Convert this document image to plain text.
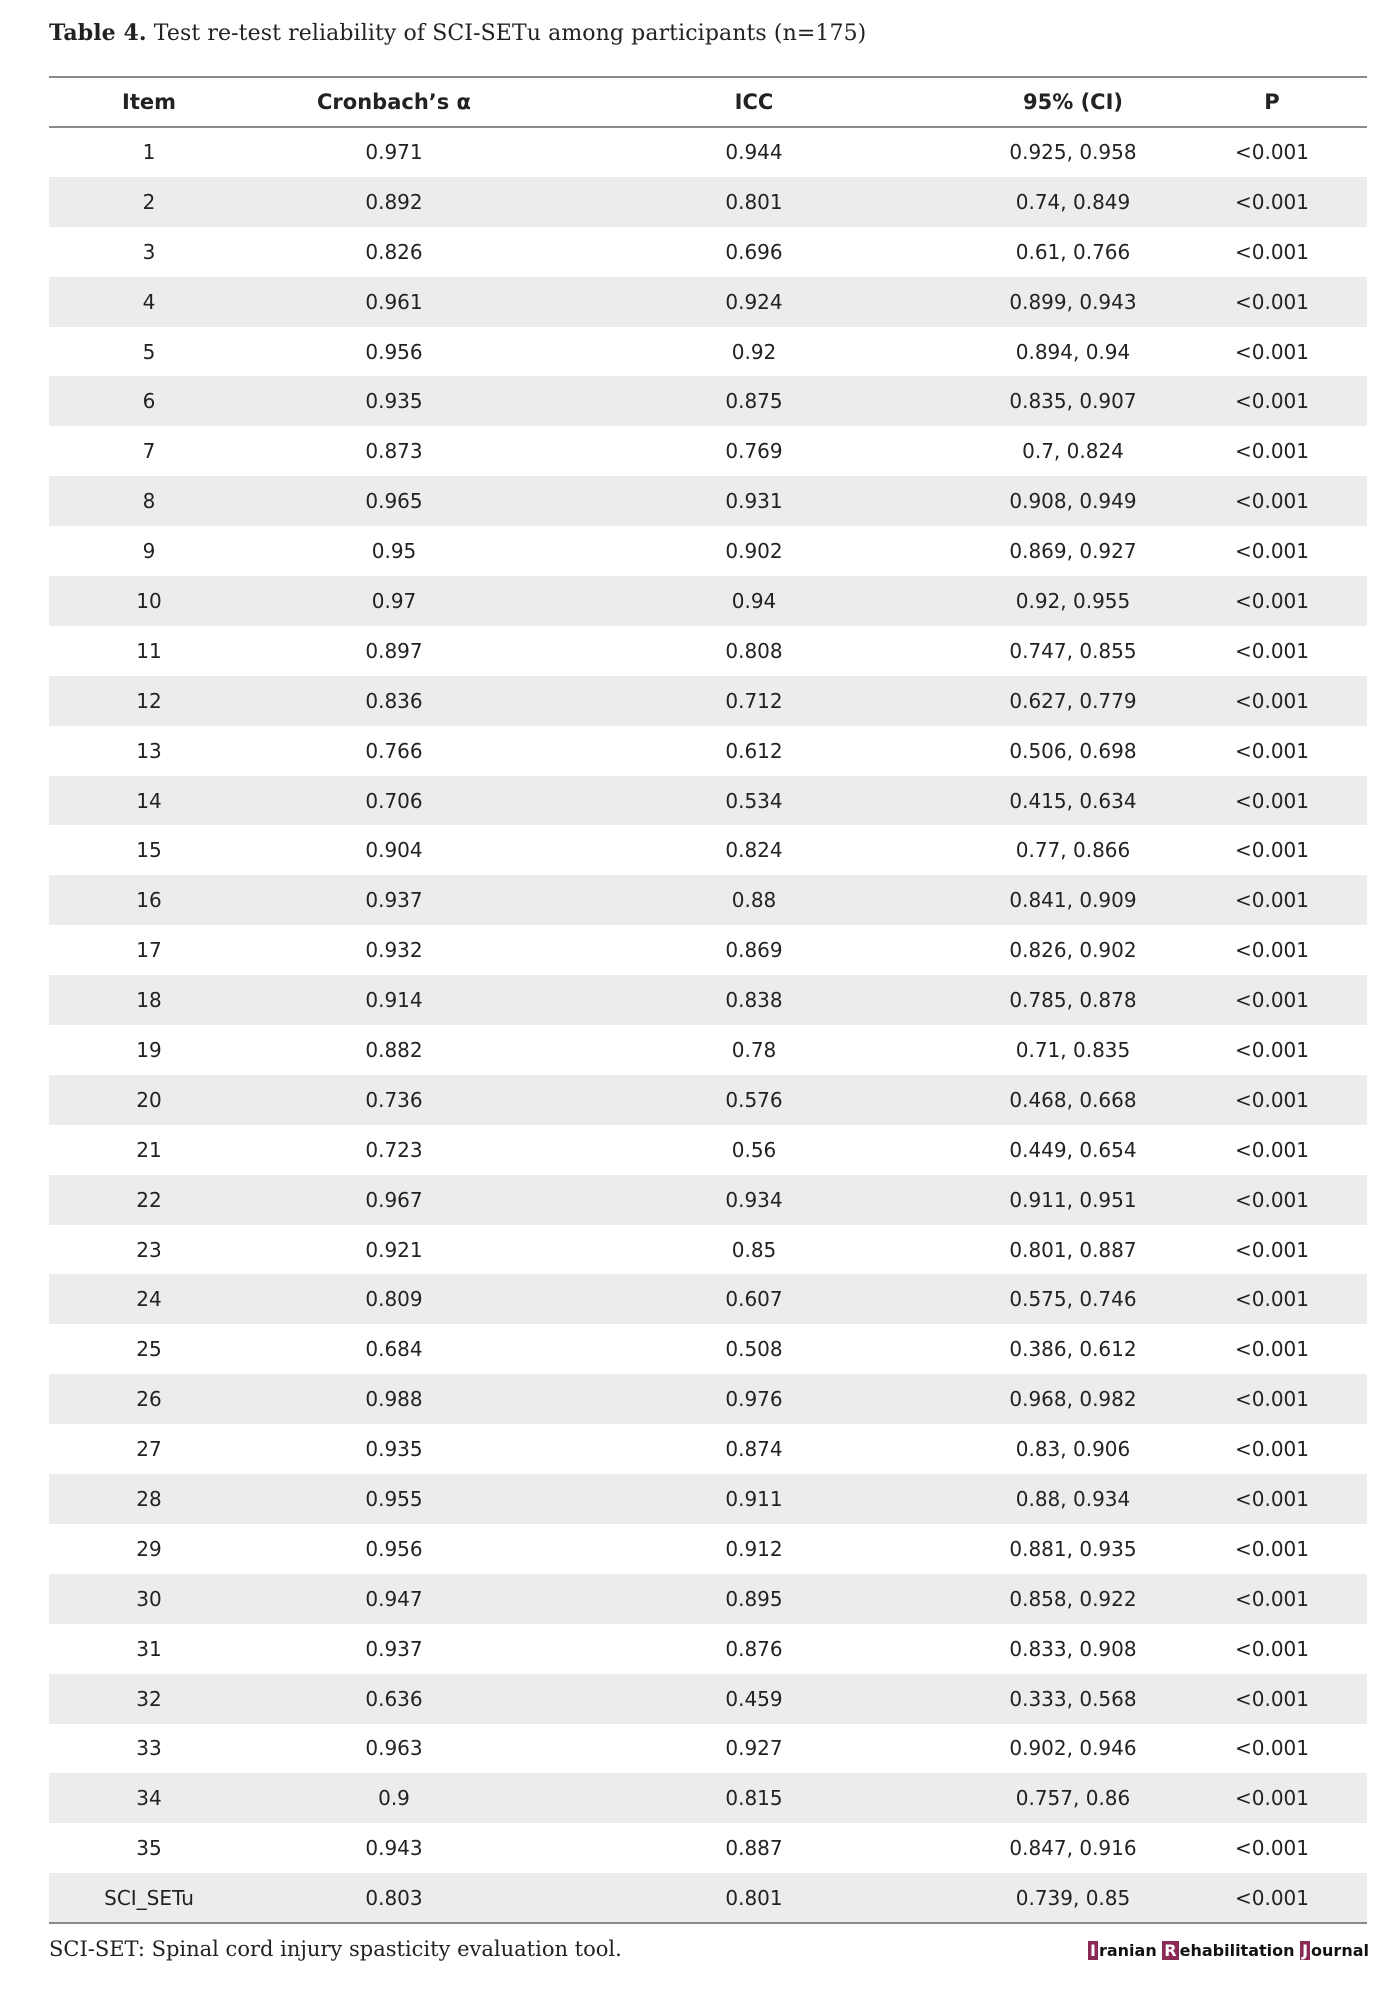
Table 4. Test re-test reliability of SCI-SETu among participants (n=175)
Item	Cronbach’s α	ICC	95% (CI)	P
1	0.971	0.944	0.925, 0.958	<0.001
2	0.892	0.801	0.74, 0.849	<0.001
3	0.826	0.696	0.61, 0.766	<0.001
4	0.961	0.924	0.899, 0.943	<0.001
5	0.956	0.92	0.894, 0.94	<0.001
6	0.935	0.875	0.835, 0.907	<0.001
7	0.873	0.769	0.7, 0.824	<0.001
8	0.965	0.931	0.908, 0.949	<0.001
9	0.95	0.902	0.869, 0.927	<0.001
10	0.97	0.94	0.92, 0.955	<0.001
11	0.897	0.808	0.747, 0.855	<0.001
12	0.836	0.712	0.627, 0.779	<0.001
13	0.766	0.612	0.506, 0.698	<0.001
14	0.706	0.534	0.415, 0.634	<0.001
15	0.904	0.824	0.77, 0.866	<0.001
16	0.937	0.88	0.841, 0.909	<0.001
17	0.932	0.869	0.826, 0.902	<0.001
18	0.914	0.838	0.785, 0.878	<0.001
19	0.882	0.78	0.71, 0.835	<0.001
20	0.736	0.576	0.468, 0.668	<0.001
21	0.723	0.56	0.449, 0.654	<0.001
22	0.967	0.934	0.911, 0.951	<0.001
23	0.921	0.85	0.801, 0.887	<0.001
24	0.809	0.607	0.575, 0.746	<0.001
25	0.684	0.508	0.386, 0.612	<0.001
26	0.988	0.976	0.968, 0.982	<0.001
27	0.935	0.874	0.83, 0.906	<0.001
28	0.955	0.911	0.88, 0.934	<0.001
29	0.956	0.912	0.881, 0.935	<0.001
30	0.947	0.895	0.858, 0.922	<0.001
31	0.937	0.876	0.833, 0.908	<0.001
32	0.636	0.459	0.333, 0.568	<0.001
33	0.963	0.927	0.902, 0.946	<0.001
34	0.9	0.815	0.757, 0.86	<0.001
35	0.943	0.887	0.847, 0.916	<0.001
SCI_SETu	0.803	0.801	0.739, 0.85	<0.001
SCI-SET: Spinal cord injury spasticity evaluation tool.	I ranian R ehabilitation J ournal
